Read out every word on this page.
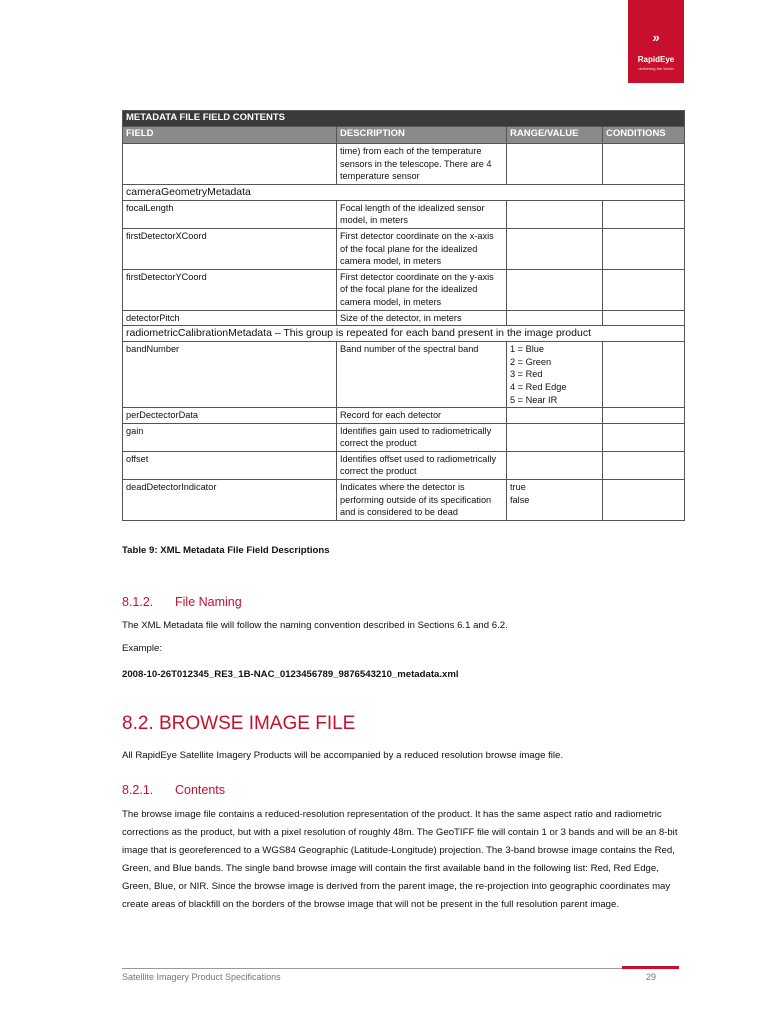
»
RapidEye
delivering the World
METADATA FILE FIELD CONTENTS			
FIELD	DESCRIPTION	RANGE/VALUE	CONDITIONS
	time) from each of the temperature sensors in the telescope. There are 4 temperature sensor		
cameraGeometryMetadata			
focalLength	Focal length of the idealized sensor model, in meters		
firstDetectorXCoord	First detector coordinate on the x-axis of the focal plane for the idealized camera model, in meters		
firstDetectorYCoord	First detector coordinate on the y-axis of the focal plane for the idealized camera model, in meters		
detectorPitch	Size of the detector, in meters		
radiometricCalibrationMetadata – This group is repeated for each band present in the image product			
bandNumber	Band number of the spectral band	1 = Blue
2 = Green
3 = Red
4 = Red Edge
5 = Near IR	
perDectectorData	Record for each detector		
gain	Identifies gain used to radiometrically correct the product		
offset	Identifies offset used to radiometrically correct the product		
deadDetectorIndicator	Indicates where the detector is performing outside of its specification and is considered to be dead	true
false	
Table 9: XML Metadata File Field Descriptions
8.1.2. File Naming
The XML Metadata file will follow the naming convention described in Sections 6.1 and 6.2.
Example:
2008-10-26T012345_RE3_1B-NAC_0123456789_9876543210_metadata.xml
8.2. BROWSE IMAGE FILE
All RapidEye Satellite Imagery Products will be accompanied by a reduced resolution browse image file.
8.2.1. Contents
The browse image file contains a reduced-resolution representation of the product. It has the same aspect ratio and radiometric corrections as the product, but with a pixel resolution of roughly 48m. The GeoTIFF file will contain 1 or 3 bands and will be an 8-bit image that is georeferenced to a WGS84 Geographic (Latitude-Longitude) projection. The 3-band browse image contains the Red, Green, and Blue bands. The single band browse image will contain the first available band in the following list: Red, Red Edge, Green, Blue, or NIR. Since the browse image is derived from the parent image, the re-projection into geographic coordinates may create areas of blackfill on the borders of the browse image that will not be present in the full resolution parent image.
Satellite Imagery Product Specifications	29
